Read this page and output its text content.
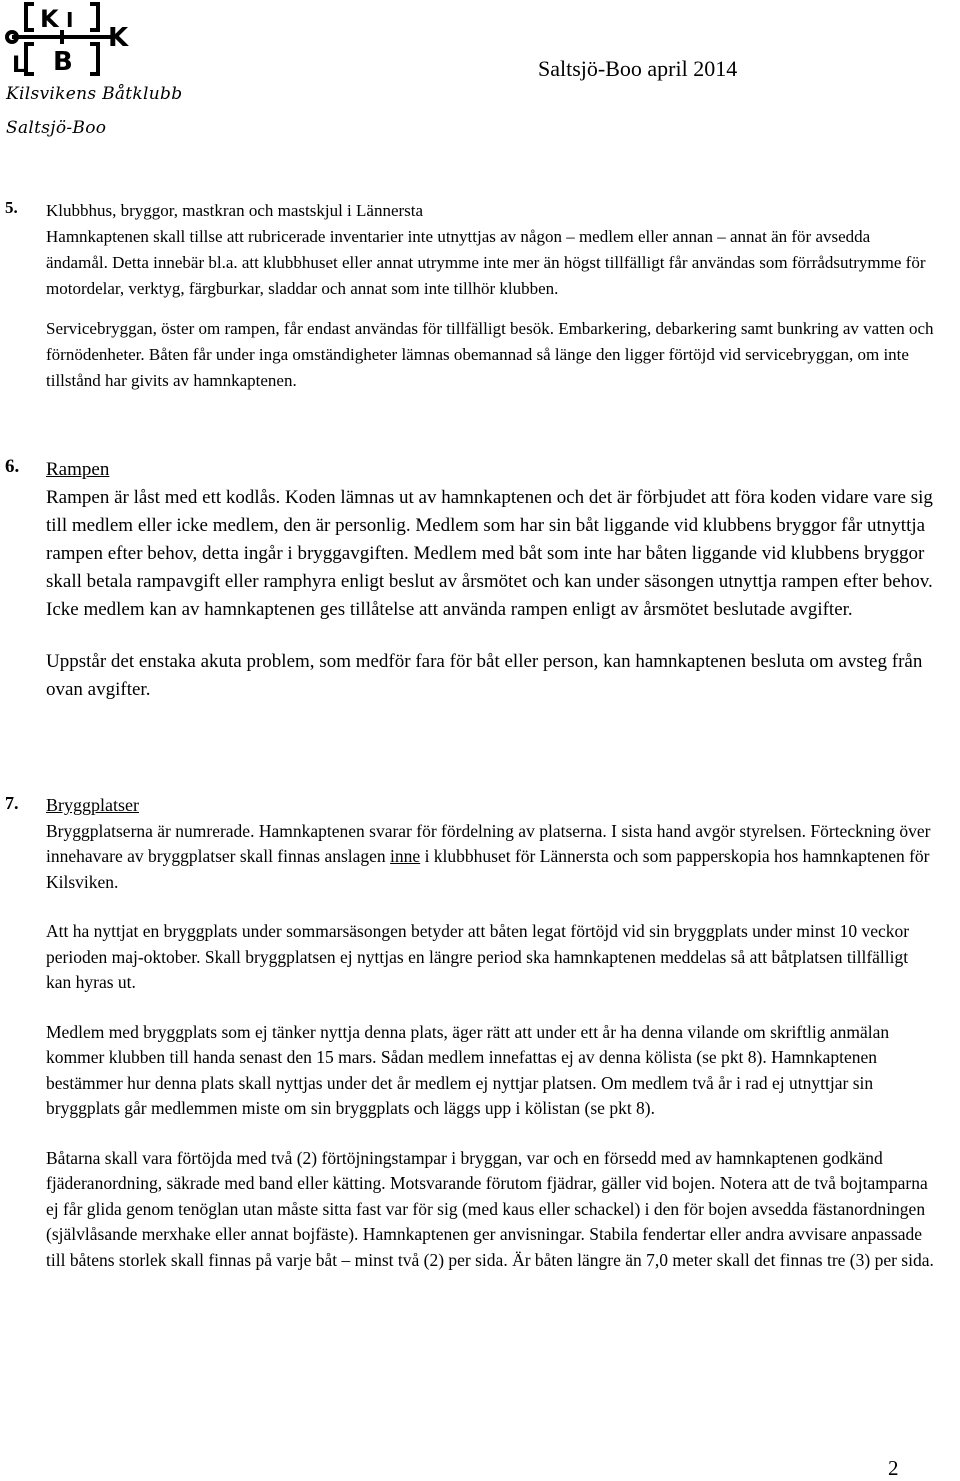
K I
B
L
K
Kilsvikens Båtklubb
Saltsjö-Boo
Saltsjö-Boo april 2014
5. Klubbhus, bryggor, mastkran och mastskjul i Lännersta

Hamnkaptenen skall tillse att rubricerade inventarier inte utnyttjas av någon – medlem eller annan – annat än för avsedda ändamål. Detta innebär bl.a. att klubbhuset eller annat utrymme inte mer än högst tillfälligt får användas som förrådsutrymme för motordelar, verktyg, färgburkar, sladdar och annat som inte tillhör klubben.

Servicebryggan, öster om rampen, får endast användas för tillfälligt besök. Embarkering, debarkering samt bunkring av vatten och förnödenheter. Båten får under inga omständigheter lämnas obemannad så länge den ligger förtöjd vid servicebryggan, om inte tillstånd har givits av hamnkaptenen.

6. Rampen

Rampen är låst med ett kodlås. Koden lämnas ut av hamnkaptenen och det är förbjudet att föra koden vidare vare sig till medlem eller icke medlem, den är personlig. Medlem som har sin båt liggande vid klubbens bryggor får utnyttja rampen efter behov, detta ingår i bryggavgiften. Medlem med båt som inte har båten liggande vid klubbens bryggor skall betala rampavgift eller ramphyra enligt beslut av årsmötet och kan under säsongen utnyttja rampen efter behov. Icke medlem kan av hamnkaptenen ges tillåtelse att använda rampen enligt av årsmötet beslutade avgifter.

Uppstår det enstaka akuta problem, som medför fara för båt eller person, kan hamnkaptenen besluta om avsteg från ovan avgifter.

7. Bryggplatser

Bryggplatserna är numrerade. Hamnkaptenen svarar för fördelning av platserna. I sista hand avgör styrelsen. Förteckning över innehavare av bryggplatser skall finnas anslagen inne i klubbhuset för Lännersta och som papperskopia hos hamnkaptenen för Kilsviken.

Att ha nyttjat en bryggplats under sommarsäsongen betyder att båten legat förtöjd vid sin bryggplats under minst 10 veckor perioden maj-oktober. Skall bryggplatsen ej nyttjas en längre period ska hamnkaptenen meddelas så att båtplatsen tillfälligt kan hyras ut.

Medlem med bryggplats som ej tänker nyttja denna plats, äger rätt att under ett år ha denna vilande om skriftlig anmälan kommer klubben till handa senast den 15 mars. Sådan medlem innefattas ej av denna kölista (se pkt 8). Hamnkaptenen bestämmer hur denna plats skall nyttjas under det år medlem ej nyttjar platsen. Om medlem två år i rad ej utnyttjar sin bryggplats går medlemmen miste om sin bryggplats och läggs upp i kölistan (se pkt 8).

Båtarna skall vara förtöjda med två (2) förtöjningstampar i bryggan, var och en försedd med av hamnkaptenen godkänd fjäderanordning, säkrade med band eller kätting. Motsvarande förutom fjädrar, gäller vid bojen. Notera att de två bojtamparna ej får glida genom tenöglan utan måste sitta fast var för sig (med kaus eller schackel) i den för bojen avsedda fästanordningen (självlåsande merxhake eller annat bojfäste). Hamnkaptenen ger anvisningar. Stabila fendertar eller andra avvisare anpassade till båtens storlek skall finnas på varje båt – minst två (2) per sida. Är båten längre än 7,0 meter skall det finnas tre (3) per sida.

2
